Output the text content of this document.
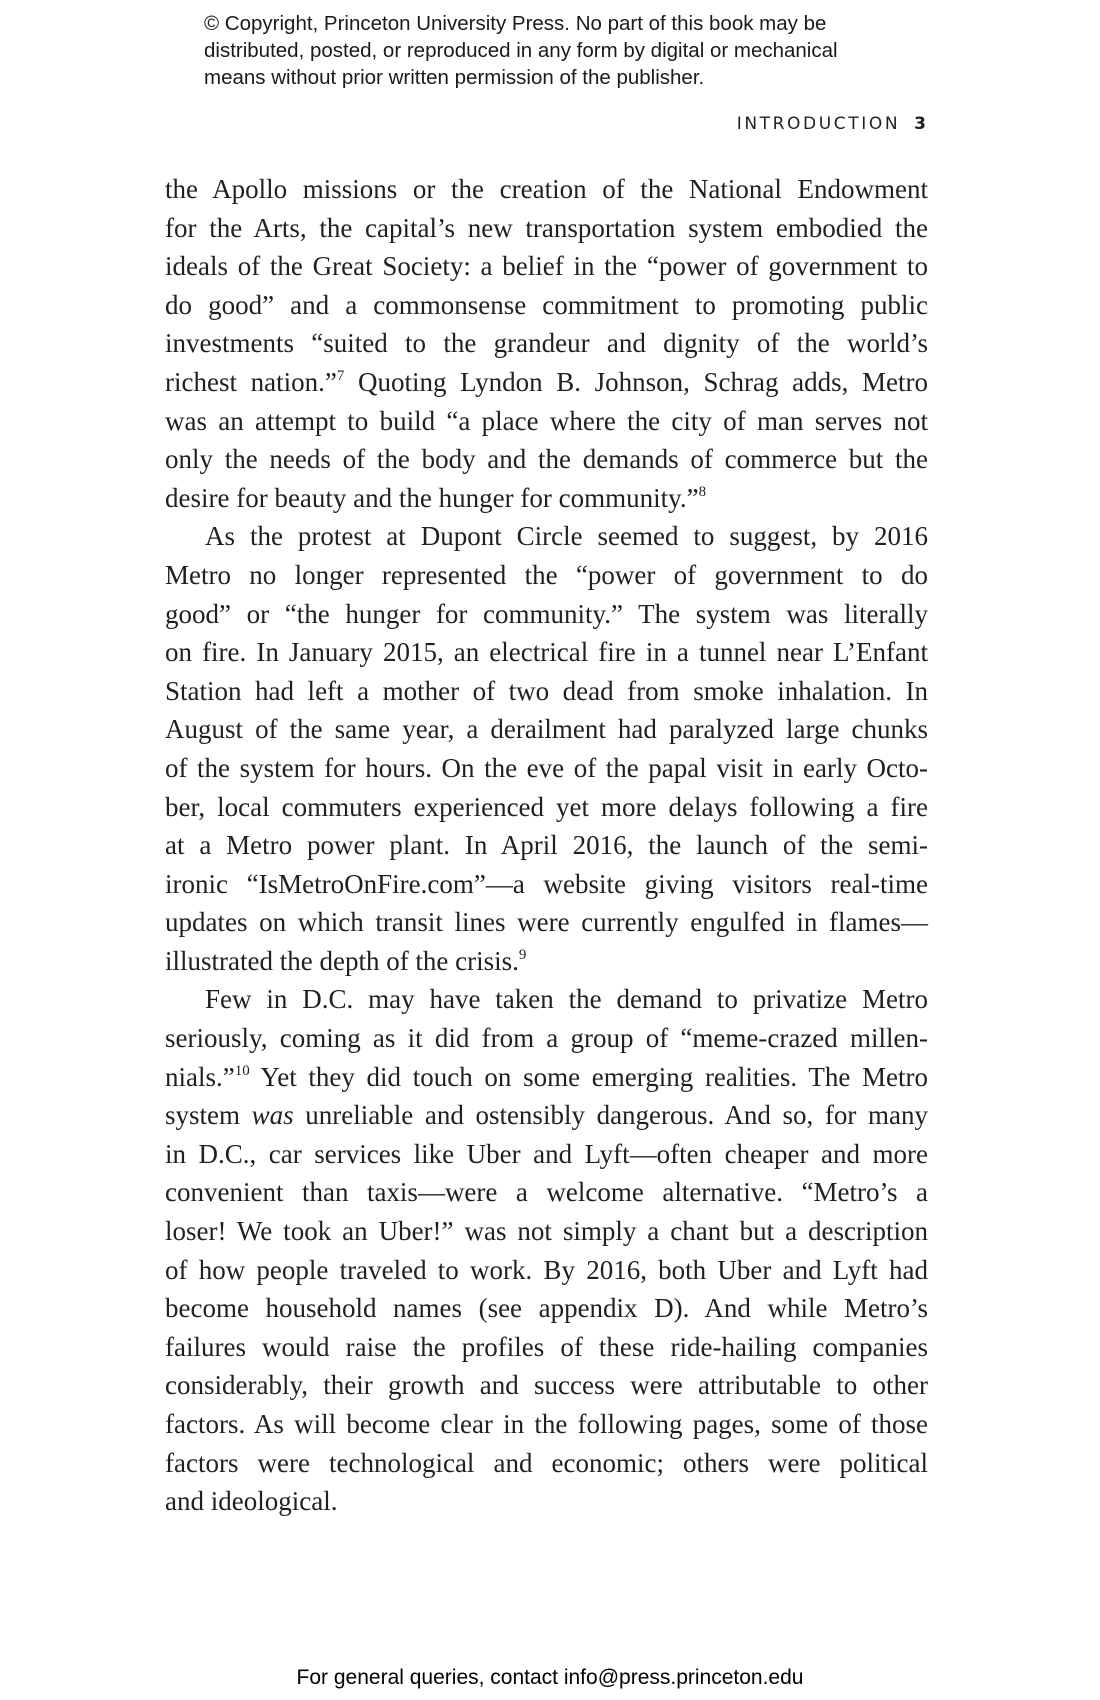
© Copyright, Princeton University Press. No part of this book may be
distributed, posted, or reproduced in any form by digital or mechanical
means without prior written permission of the publisher.
INTRODUCTION 3
the Apollo missions or the creation of the National Endowment
for the Arts, the capital’s new transportation system embodied the
ideals of the Great Society: a belief in the “power of government to
do good” and a commonsense commitment to promoting public
investments “suited to the grandeur and dignity of the world’s
richest nation.”$^7$ Quoting Lyndon B. Johnson, Schrag adds, Metro
was an attempt to build “a place where the city of man serves not
only the needs of the body and the demands of commerce but the
desire for beauty and the hunger for community.”$^8$
As the protest at Dupont Circle seemed to suggest, by 2016
Metro no longer represented the “power of government to do
good” or “the hunger for community.” The system was literally
on fire. In January 2015, an electrical fire in a tunnel near L’Enfant
Station had left a mother of two dead from smoke inhalation. In
August of the same year, a derailment had paralyzed large chunks
of the system for hours. On the eve of the papal visit in early Octo-
ber, local commuters experienced yet more delays following a fire
at a Metro power plant. In April 2016, the launch of the semi-
ironic “IsMetroOnFire.com”—a website giving visitors real-time
updates on which transit lines were currently engulfed in flames—
illustrated the depth of the crisis.$^9$
Few in D.C. may have taken the demand to privatize Metro
seriously, coming as it did from a group of “meme-crazed millen-
nials.”$^{10}$ Yet they did touch on some emerging realities. The Metro
system was unreliable and ostensibly dangerous. And so, for many
in D.C., car services like Uber and Lyft—often cheaper and more
convenient than taxis—were a welcome alternative. “Metro’s a
loser! We took an Uber!” was not simply a chant but a description
of how people traveled to work. By 2016, both Uber and Lyft had
become household names (see appendix D). And while Metro’s
failures would raise the profiles of these ride-hailing companies
considerably, their growth and success were attributable to other
factors. As will become clear in the following pages, some of those
factors were technological and economic; others were political
and ideological.
For general queries, contact info@press.princeton.edu
